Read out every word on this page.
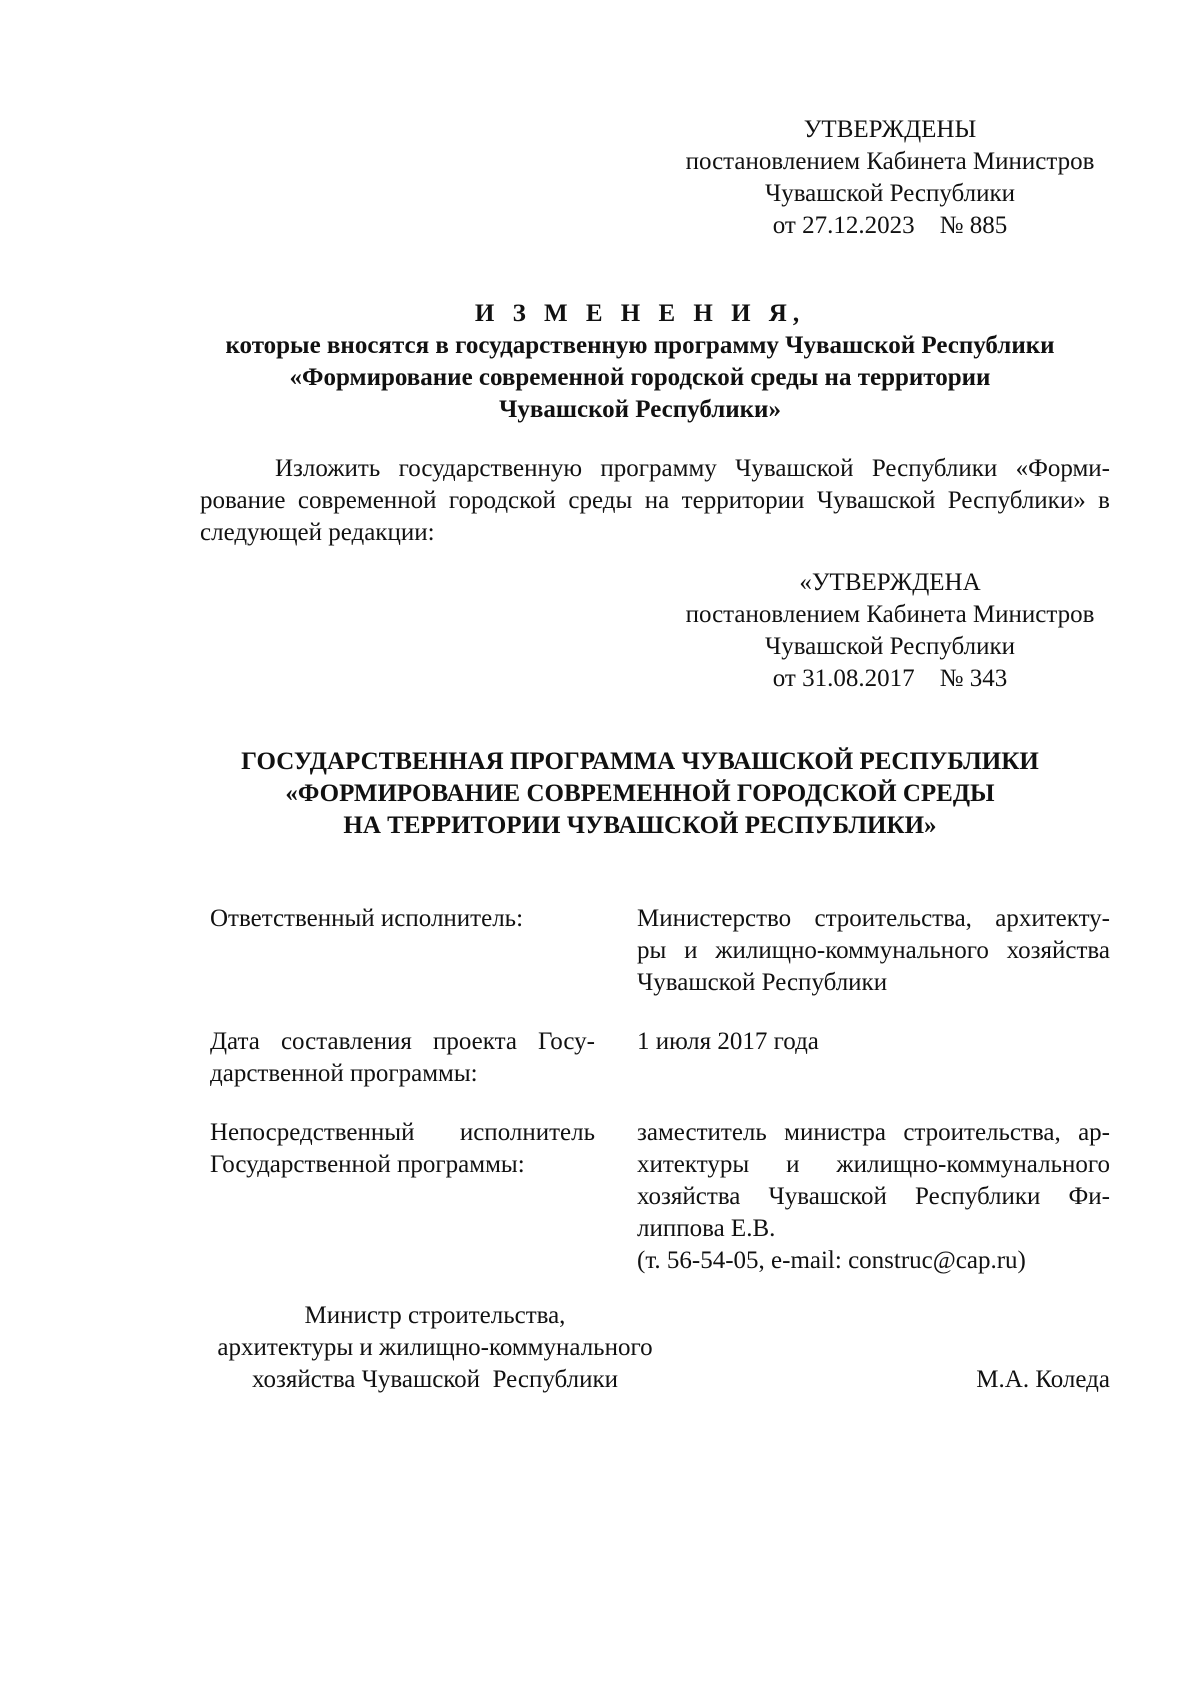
УТВЕРЖДЕНЫ
постановлением Кабинета Министров
Чувашской Республики
от 27.12.2023    № 885
И З М Е Н Е Н И Я,
которые вносятся в государственную программу Чувашской Республики
«Формирование современной городской среды на территории
Чувашской Республики»
Изложить государственную программу Чувашской Республики «Форми-
рование современной городской среды на территории Чувашской Республики» в
следующей редакции:
«УТВЕРЖДЕНА
постановлением Кабинета Министров
Чувашской Республики
от 31.08.2017    № 343
ГОСУДАРСТВЕННАЯ ПРОГРАММА ЧУВАШСКОЙ РЕСПУБЛИКИ
«ФОРМИРОВАНИЕ СОВРЕМЕННОЙ ГОРОДСКОЙ СРЕДЫ
НА ТЕРРИТОРИИ ЧУВАШСКОЙ РЕСПУБЛИКИ»
Ответственный исполнитель:	Министерство строительства, архитекту-
ры и жилищно-коммунального хозяйства
Чувашской Республики
Дата составления проекта Госу-
дарственной программы:
1 июля 2017 года
Непосредственный исполнитель
Государственной программы:
заместитель министра строительства, ар-
хитектуры и жилищно-коммунального
хозяйства Чувашской Республики Фи-
липпова Е.В.
(т. 56-54-05, e-mail: construc@cap.ru)
Министр строительства,
архитектуры и жилищно-коммунального
хозяйства Чувашской  Республики	М.А. Коледа
